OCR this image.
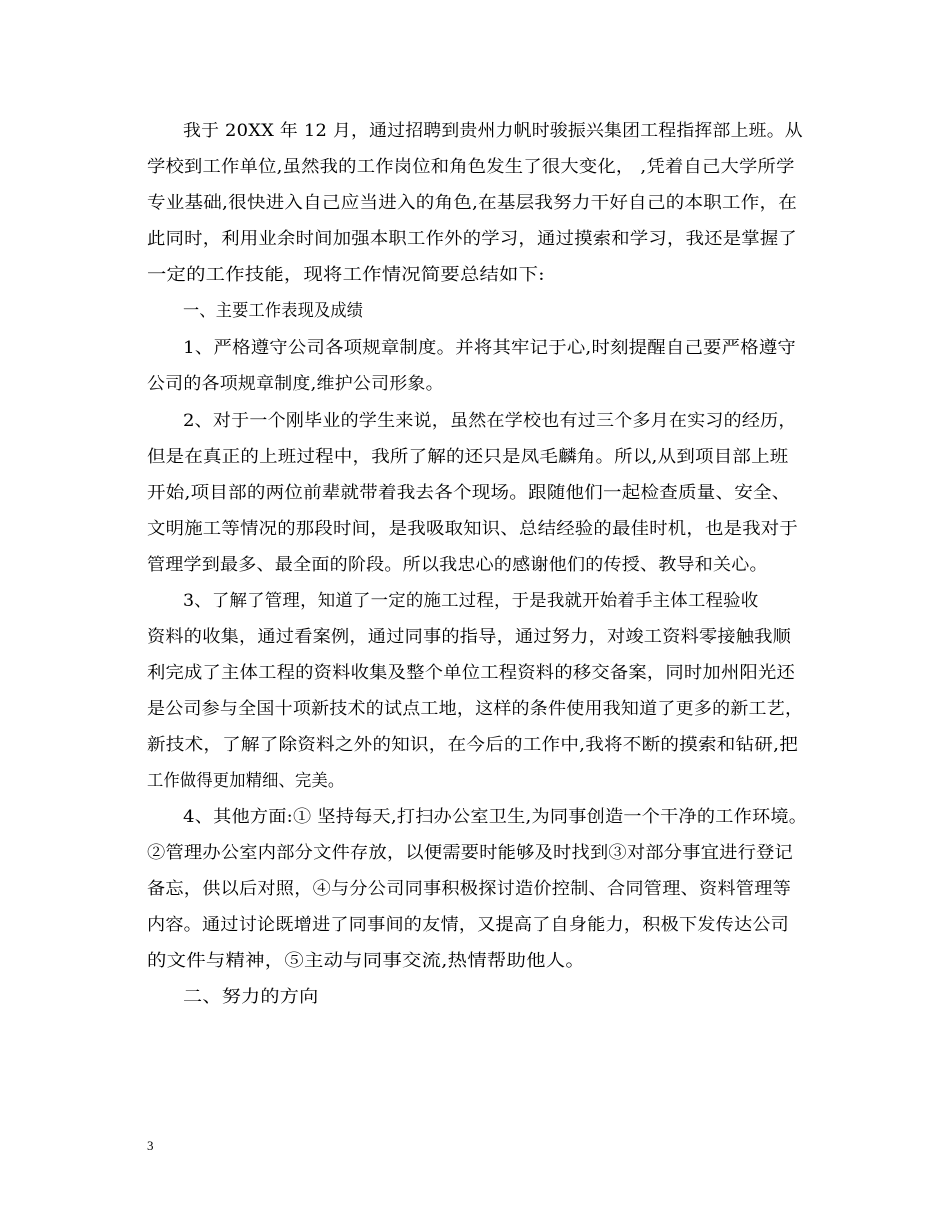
我于 20XX 年 12 月，通过招聘到贵州力帆时骏振兴集团工程指挥部上班。从
学校到工作单位,虽然我的工作岗位和角色发生了很大变化， ,凭着自己大学所学
专业基础,很快进入自己应当进入的角色,在基层我努力干好自己的本职工作，在
此同时，利用业余时间加强本职工作外的学习，通过摸索和学习，我还是掌握了
一定的工作技能，现将工作情况简要总结如下:
一、主要工作表现及成绩
1、严格遵守公司各项规章制度。并将其牢记于心,时刻提醒自己要严格遵守
公司的各项规章制度,维护公司形象。
2、对于一个刚毕业的学生来说，虽然在学校也有过三个多月在实习的经历，
但是在真正的上班过程中，我所了解的还只是凤毛麟角。所以,从到项目部上班
开始,项目部的两位前辈就带着我去各个现场。跟随他们一起检查质量、安全、
文明施工等情况的那段时间，是我吸取知识、总结经验的最佳时机，也是我对于
管理学到最多、最全面的阶段。所以我忠心的感谢他们的传授、教导和关心。
3、了解了管理，知道了一定的施工过程，于是我就开始着手主体工程验收
资料的收集，通过看案例，通过同事的指导，通过努力，对竣工资料零接触我顺
利完成了主体工程的资料收集及整个单位工程资料的移交备案，同时加州阳光还
是公司参与全国十项新技术的试点工地，这样的条件使用我知道了更多的新工艺，
新技术，了解了除资料之外的知识，在今后的工作中,我将不断的摸索和钻研,把
工作做得更加精细、完美。
4、其他方面:① 坚持每天,打扫办公室卫生,为同事创造一个干净的工作环境。
②管理办公室内部分文件存放，以便需要时能够及时找到③对部分事宜进行登记
备忘，供以后对照，④与分公司同事积极探讨造价控制、合同管理、资料管理等
内容。通过讨论既增进了同事间的友情，又提高了自身能力，积极下发传达公司
的文件与精神，⑤主动与同事交流,热情帮助他人。
二、努力的方向
3
